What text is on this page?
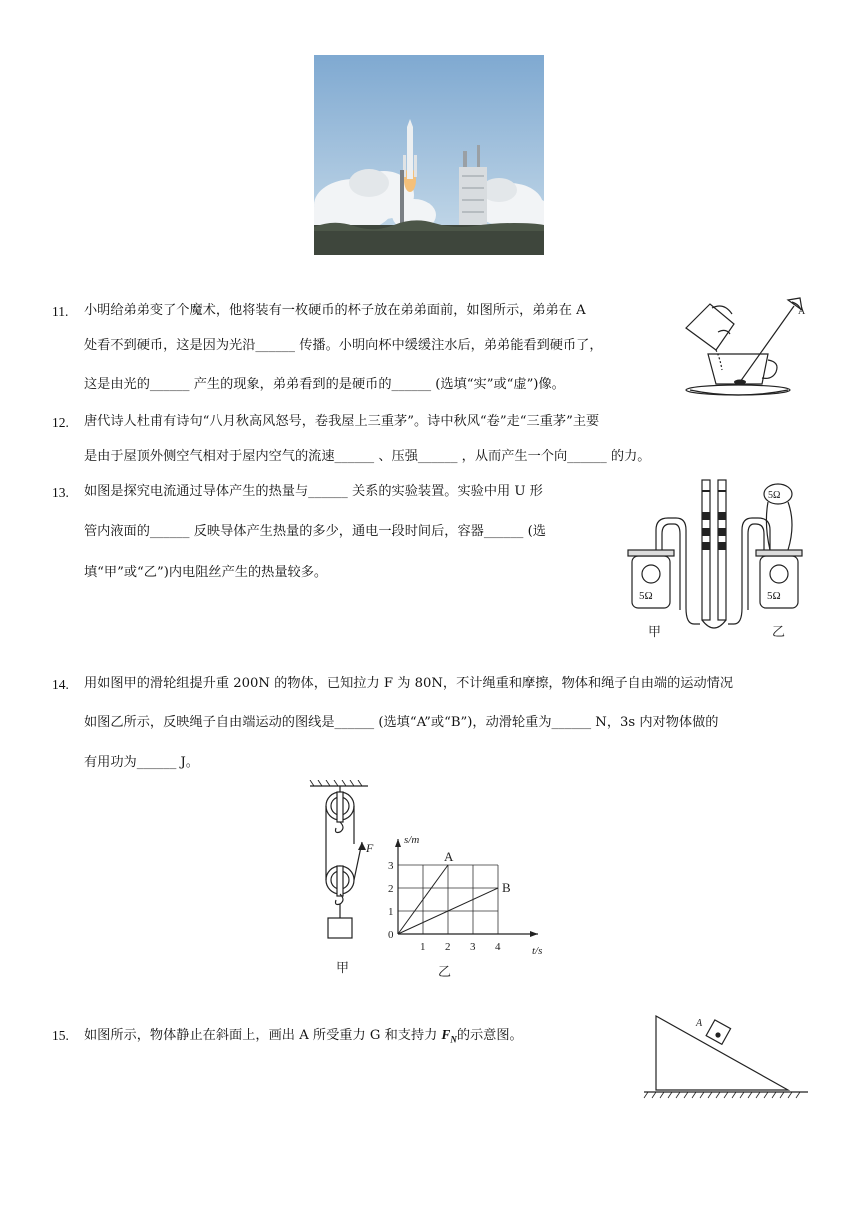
11. 小明给弟弟变了个魔术，他将装有一枚硬币的杯子放在弟弟面前，如图所示，弟弟在 A
处看不到硬币，这是因为光沿______ 传播。小明向杯中缓缓注水后，弟弟能看到硬币了，
这是由光的______ 产生的现象，弟弟看到的是硬币的______ (选填“实”或“虚”)像。
A
12. 唐代诗人杜甫有诗句“八月秋高风怒号，卷我屋上三重茅”。诗中秋风“卷”走“三重茅”主要
是由于屋顶外侧空气相对于屋内空气的流速______ 、压强______ ，从而产生一个向______ 的力。
13. 如图是探究电流通过导体产生的热量与______ 关系的实验装置。实验中用 U 形
管内液面的______ 反映导体产生热量的多少，通电一段时间后，容器______ (选
填“甲”或“乙”)内电阻丝产生的热量较多。
5Ω	5Ω
5Ω
甲	乙
14. 用如图甲的滑轮组提升重 200N 的物体，已知拉力 F 为 80N，不计绳重和摩擦，物体和绳子自由端的运动情况
如图乙所示，反映绳子自由端运动的图线是______ (选填“A”或“B”)，动滑轮重为______ N，3s 内对物体做的
有用功为______ J。
F
甲
A
B
0
1 2 3 4
1
2
3
t/s
s/m
乙
15. 如图所示，物体静止在斜面上，画出 A 所受重力 G 和支持力 $F_N$的示意图。
A
